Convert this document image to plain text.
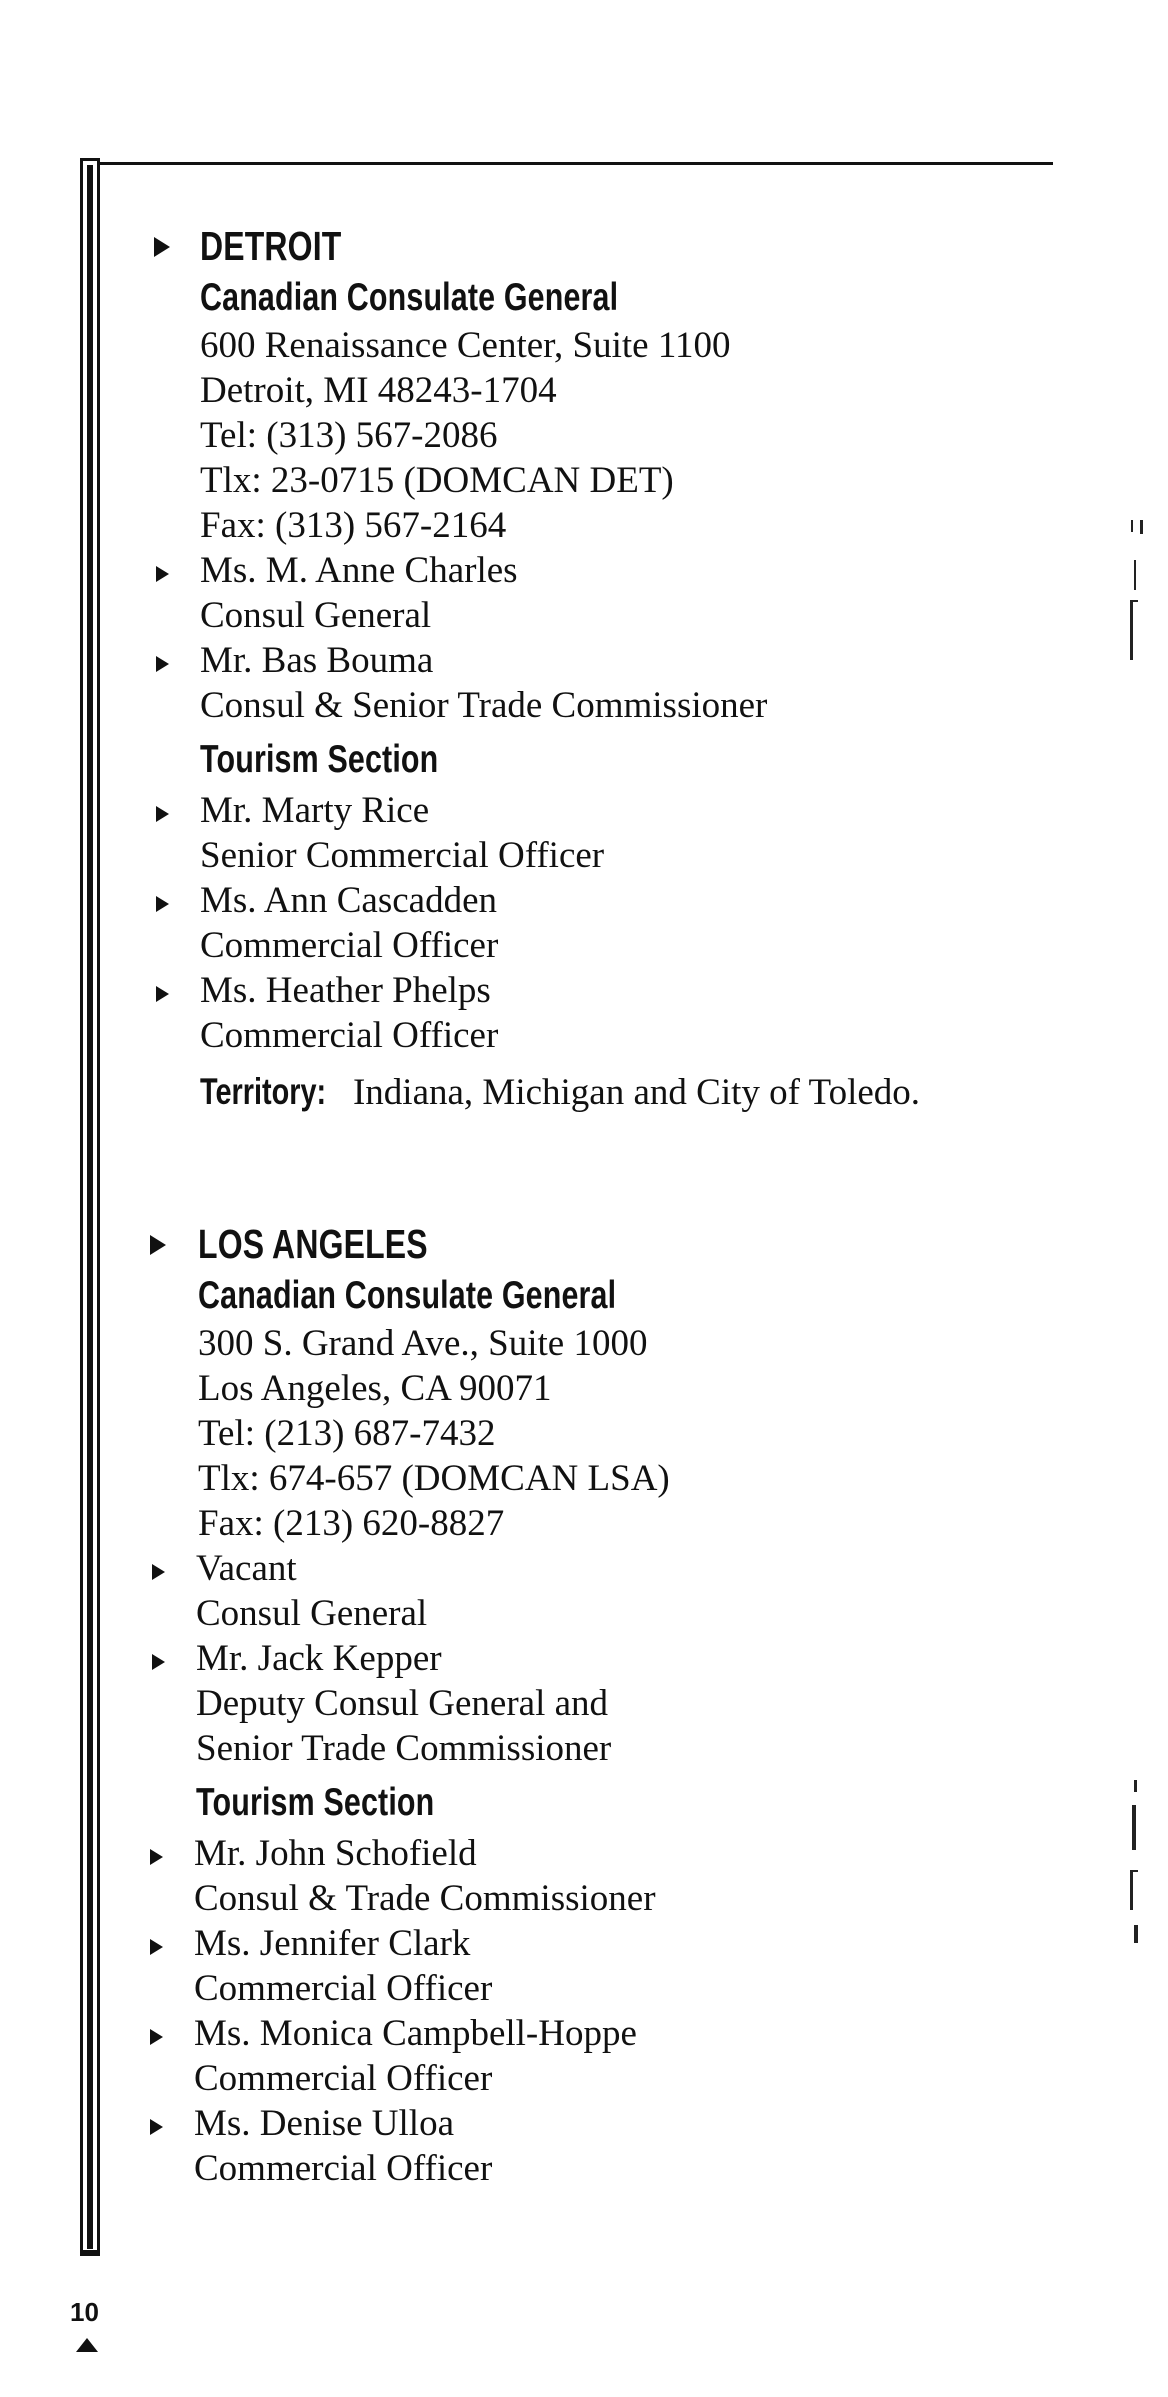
DETROIT
Canadian Consulate General
600 Renaissance Center, Suite 1100
Detroit, MI 48243-1704
Tel: (313) 567-2086
Tlx: 23-0715 (DOMCAN DET)
Fax: (313) 567-2164
Ms. M. Anne Charles
Consul General
Mr. Bas Bouma
Consul & Senior Trade Commissioner
Tourism Section
Mr. Marty Rice
Senior Commercial Officer
Ms. Ann Cascadden
Commercial Officer
Ms. Heather Phelps
Commercial Officer
Territory: Indiana, Michigan and City of Toledo.
LOS ANGELES
Canadian Consulate General
300 S. Grand Ave., Suite 1000
Los Angeles, CA 90071
Tel: (213) 687-7432
Tlx: 674-657 (DOMCAN LSA)
Fax: (213) 620-8827
Vacant
Consul General
Mr. Jack Kepper
Deputy Consul General and
Senior Trade Commissioner
Tourism Section
Mr. John Schofield
Consul & Trade Commissioner
Ms. Jennifer Clark
Commercial Officer
Ms. Monica Campbell-Hoppe
Commercial Officer
Ms. Denise Ulloa
Commercial Officer
10
